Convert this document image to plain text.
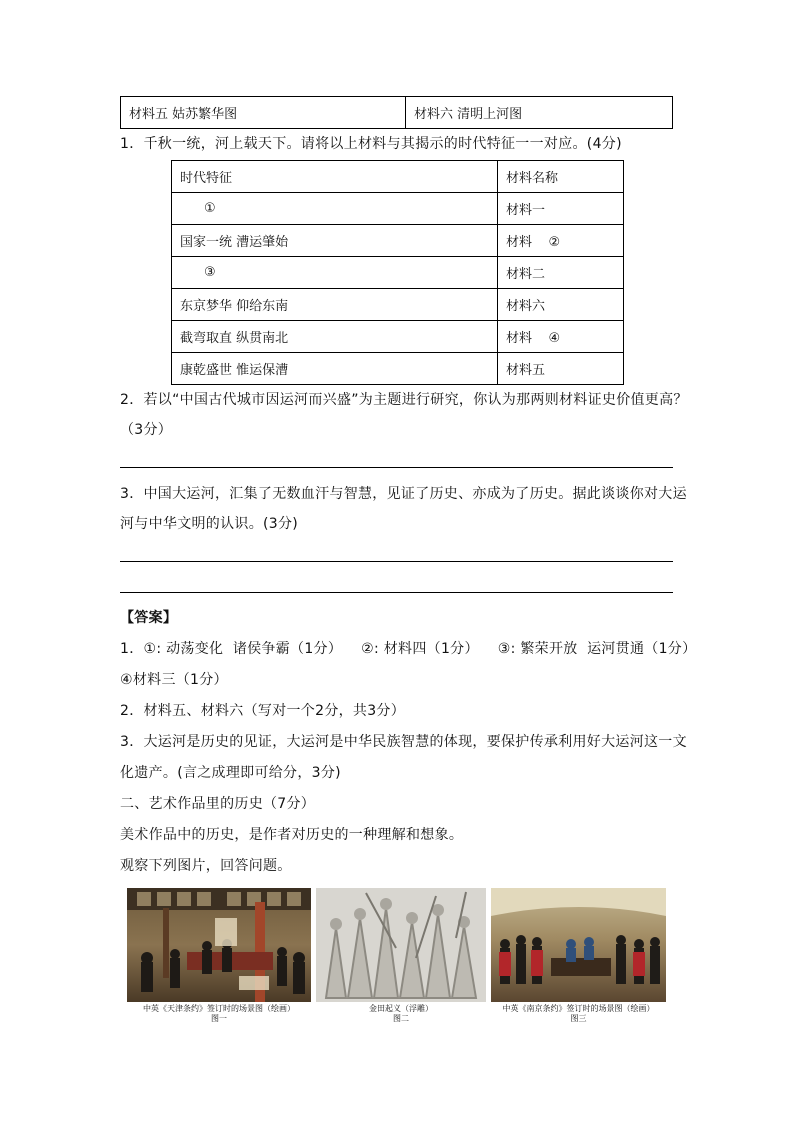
材料五 姑苏繁华图	材料六 清明上河图
1．千秋一统，河上载天下。请将以上材料与其揭示的时代特征一一对应。(4分)
时代特征	材料名称
①	材料一
国家一统 漕运肇始	材料    ②
③	材料二
东京梦华 仰给东南	材料六
截弯取直 纵贯南北	材料    ④
康乾盛世 惟运保漕	材料五
2．若以“中国古代城市因运河而兴盛”为主题进行研究，你认为那两则材料证史价值更高？
（3分）
3．中国大运河，汇集了无数血汗与智慧，见证了历史、亦成为了历史。据此谈谈你对大运
河与中华文明的认识。(3分)
【答案】
1．①: 动荡变化  诸侯争霸（1分）    ②: 材料四（1分）    ③: 繁荣开放  运河贯通（1分）
④材料三（1分）
2．材料五、材料六（写对一个2分，共3分）
3．大运河是历史的见证，大运河是中华民族智慧的体现，要保护传承利用好大运河这一文
化遗产。(言之成理即可给分，3分)
二、艺术作品里的历史（7分）
美术作品中的历史，是作者对历史的一种理解和想象。
观察下列图片，回答问题。
中英《天津条约》签订时的场景图（绘画）
图一
金田起义（浮雕）
图二
中英《南京条约》签订时的场景图（绘画）
图三
